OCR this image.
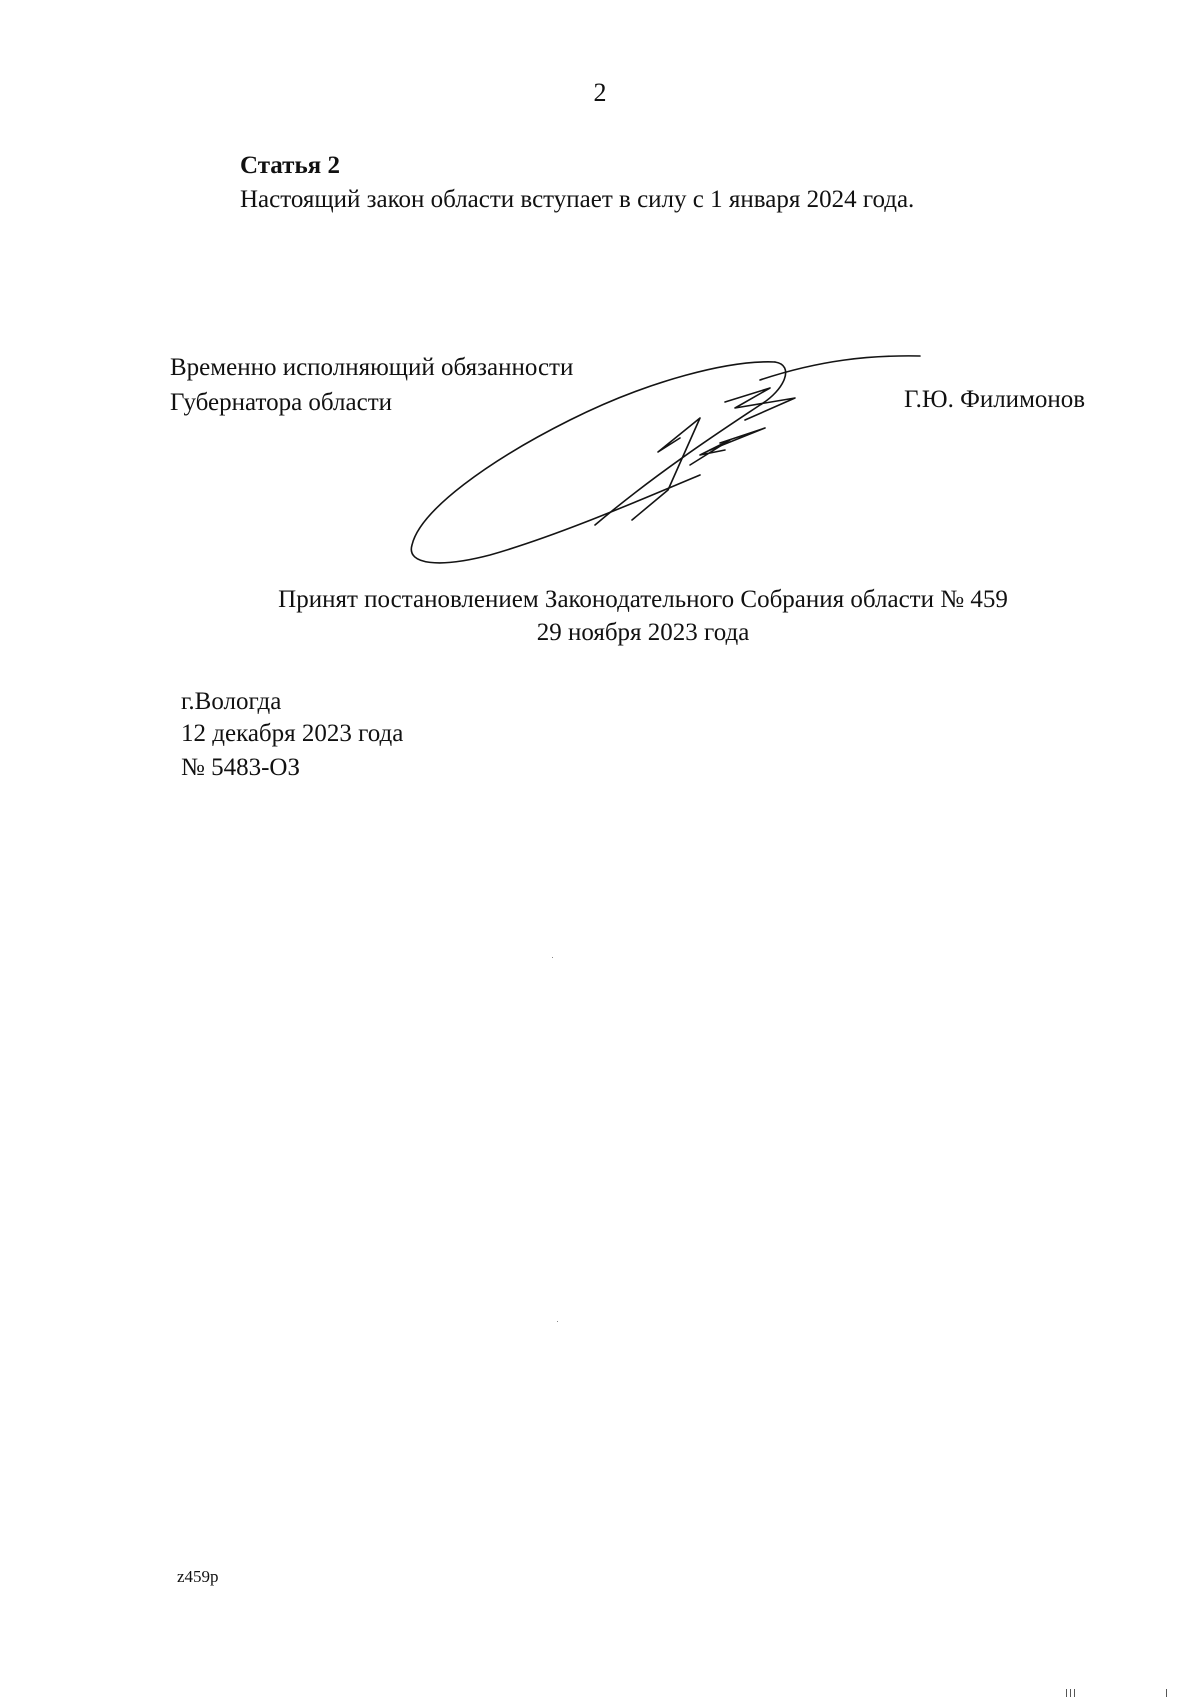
2
Статья 2
Настоящий закон области вступает в силу с 1 января 2024 года.
Временно исполняющий обязанности
Губернатора области	Г.Ю. Филимонов
Принят постановлением Законодательного Собрания области № 459
29 ноября 2023 года
г.Вологда
12 декабря 2023 года
№ 5483-ОЗ
z459p
